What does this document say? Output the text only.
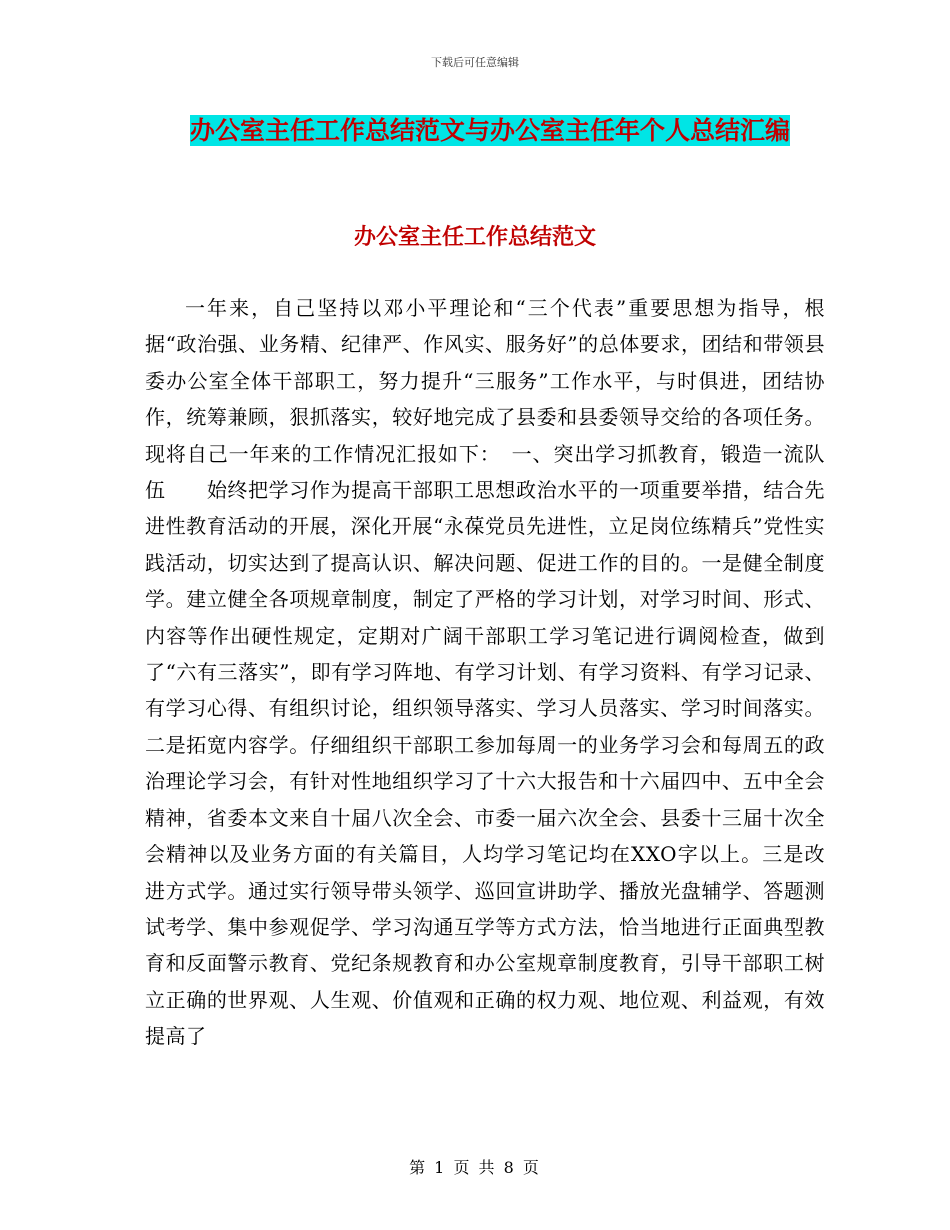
下载后可任意编辑
办公室主任工作总结范文与办公室主任年个人总结汇编
办公室主任工作总结范文

一年来，自己坚持以邓小平理论和“三个代表”重要思想为指导，根据“政治强、业务精、纪律严、作风实、服务好”的总体要求，团结和带领县委办公室全体干部职工，努力提升“三服务”工作水平，与时俱进，团结协作，统筹兼顾，狠抓落实，较好地完成了县委和县委领导交给的各项任务。现将自己一年来的工作情况汇报如下：　一、突出学习抓教育，锻造一流队伍　　始终把学习作为提高干部职工思想政治水平的一项重要举措，结合先进性教育活动的开展，深化开展“永葆党员先进性，立足岗位练精兵”党性实践活动，切实达到了提高认识、解决问题、促进工作的目的。一是健全制度学。建立健全各项规章制度，制定了严格的学习计划，对学习时间、形式、内容等作出硬性规定，定期对广阔干部职工学习笔记进行调阅检查，做到了“六有三落实”，即有学习阵地、有学习计划、有学习资料、有学习记录、有学习心得、有组织讨论，组织领导落实、学习人员落实、学习时间落实。二是拓宽内容学。仔细组织干部职工参加每周一的业务学习会和每周五的政治理论学习会，有针对性地组织学习了十六大报告和十六届四中、五中全会精神，省委本文来自十届八次全会、市委一届六次全会、县委十三届十次全会精神以及业务方面的有关篇目，人均学习笔记均在XXO字以上。三是改进方式学。通过实行领导带头领学、巡回宣讲助学、播放光盘辅学、答题测试考学、集中参观促学、学习沟通互学等方式方法，恰当地进行正面典型教育和反面警示教育、党纪条规教育和办公室规章制度教育，引导干部职工树立正确的世界观、人生观、价值观和正确的权力观、地位观、利益观，有效提高了

第 1 页 共 8 页
